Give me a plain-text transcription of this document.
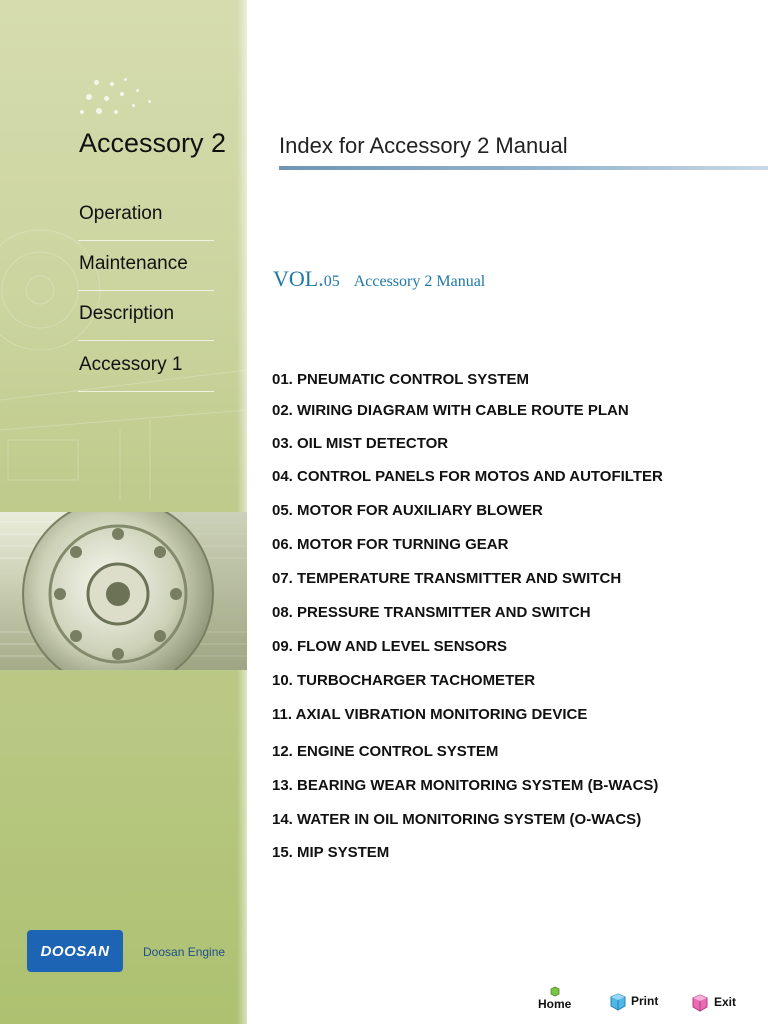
Accessory 2
Operation
Maintenance
Description
Accessory 1
DOOSAN	Doosan Engine
Index for Accessory 2 Manual
VOL.05 Accessory 2 Manual
01. PNEUMATIC CONTROL SYSTEM
02. WIRING DIAGRAM WITH CABLE ROUTE PLAN
03. OIL MIST DETECTOR
04. CONTROL PANELS FOR MOTOS AND AUTOFILTER
05. MOTOR FOR AUXILIARY BLOWER
06. MOTOR FOR TURNING GEAR
07. TEMPERATURE TRANSMITTER AND SWITCH
08. PRESSURE TRANSMITTER AND SWITCH
09. FLOW AND LEVEL SENSORS
10. TURBOCHARGER TACHOMETER
11. AXIAL VIBRATION MONITORING DEVICE
12. ENGINE CONTROL SYSTEM
13. BEARING WEAR MONITORING SYSTEM (B-WACS)
14. WATER IN OIL MONITORING SYSTEM (O-WACS)
15. MIP SYSTEM
Home	Print	Exit
